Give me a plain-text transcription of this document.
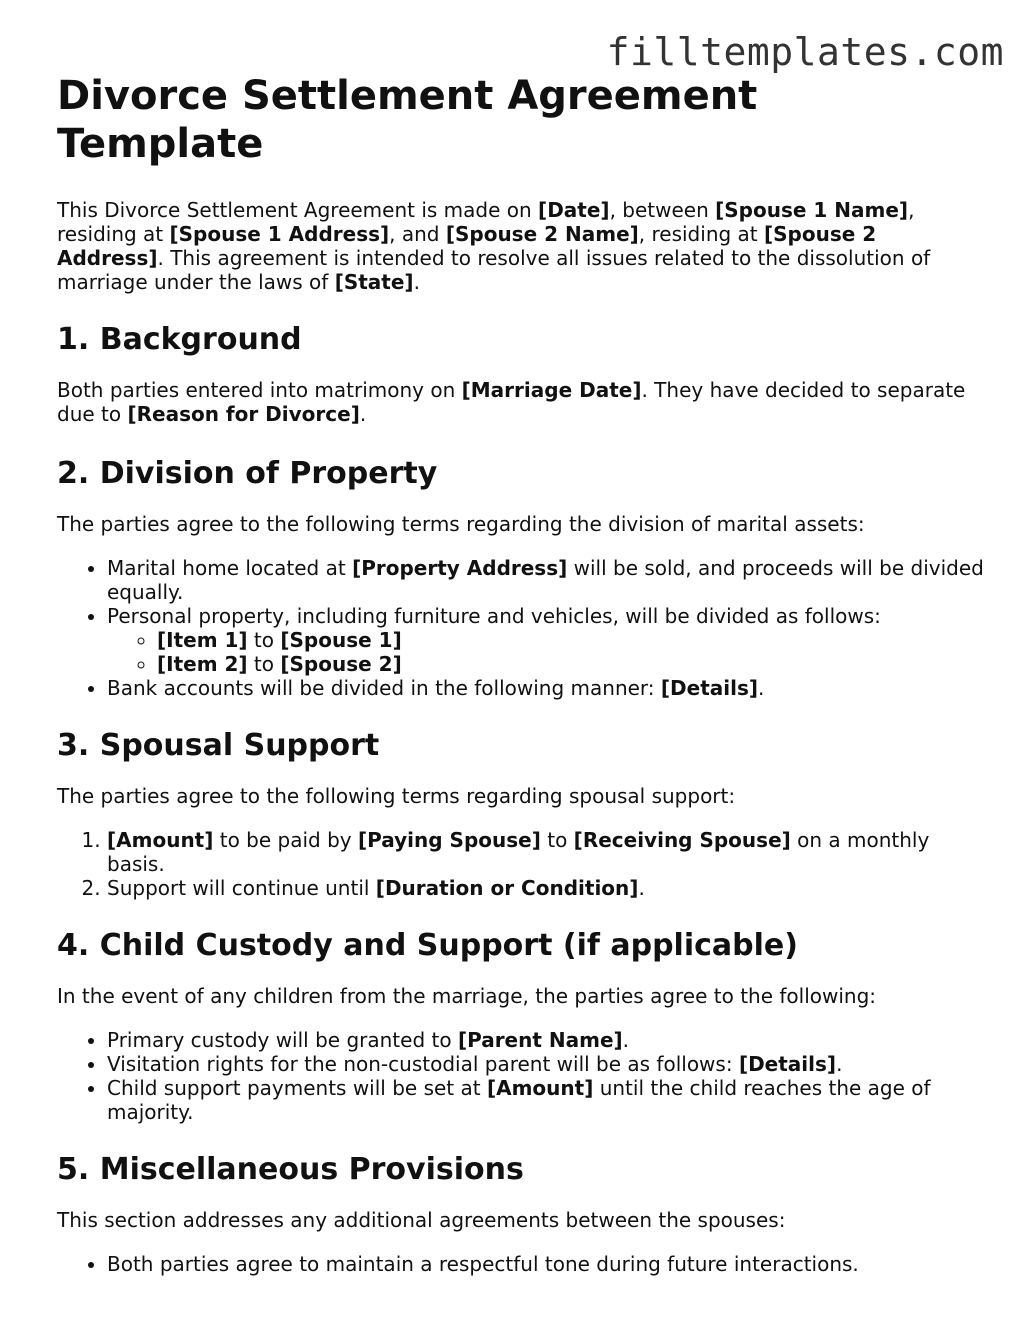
filltemplates.com
Divorce Settlement Agreement Template

This Divorce Settlement Agreement is made on [Date], between [Spouse 1 Name], residing at [Spouse 1 Address], and [Spouse 2 Name], residing at [Spouse 2 Address]. This agreement is intended to resolve all issues related to the dissolution of marriage under the laws of [State].

1. Background

Both parties entered into matrimony on [Marriage Date]. They have decided to separate due to [Reason for Divorce].

2. Division of Property

The parties agree to the following terms regarding the division of marital assets:

• Marital home located at [Property Address] will be sold, and proceeds will be divided equally.
• Personal property, including furniture and vehicles, will be divided as follows:
◦ [Item 1] to [Spouse 1]
◦ [Item 2] to [Spouse 2]
• Bank accounts will be divided in the following manner: [Details].
3. Spousal Support

The parties agree to the following terms regarding spousal support:

1. [Amount] to be paid by [Paying Spouse] to [Receiving Spouse] on a monthly basis.
2. Support will continue until [Duration or Condition].
4. Child Custody and Support (if applicable)

In the event of any children from the marriage, the parties agree to the following:

• Primary custody will be granted to [Parent Name].
• Visitation rights for the non-custodial parent will be as follows: [Details].
• Child support payments will be set at [Amount] until the child reaches the age of majority.
5. Miscellaneous Provisions

This section addresses any additional agreements between the spouses:

• Both parties agree to maintain a respectful tone during future interactions.
